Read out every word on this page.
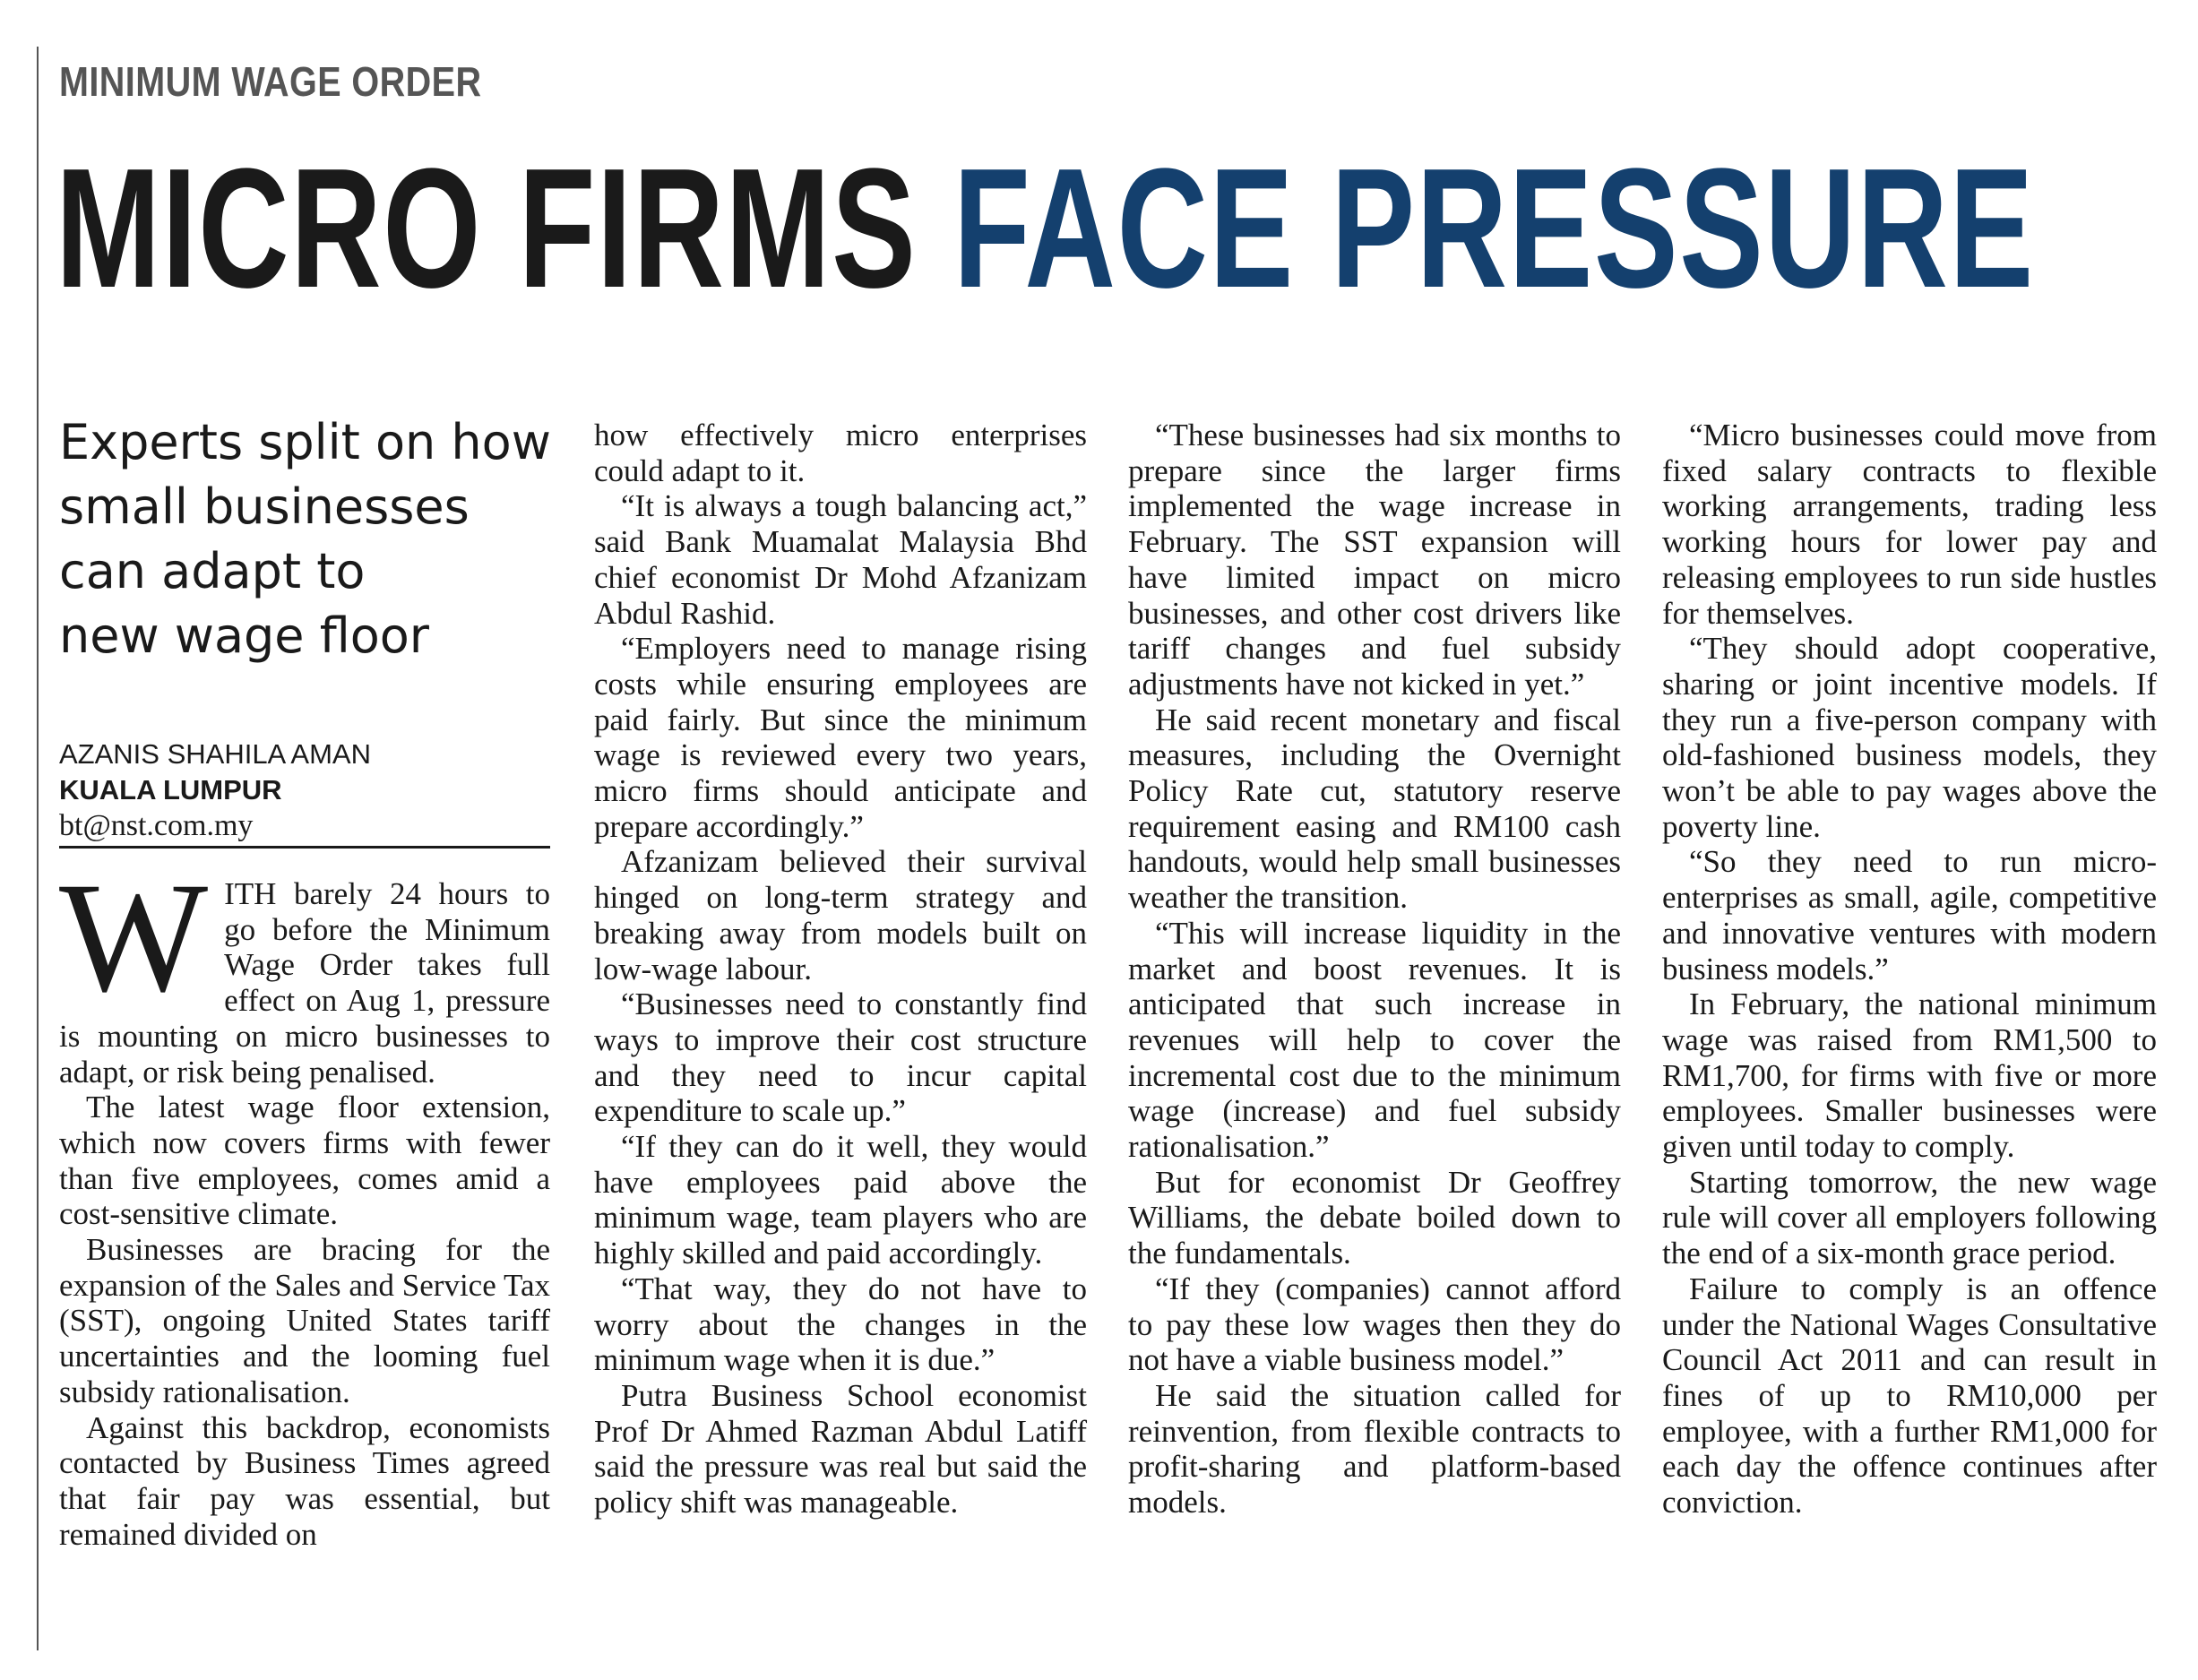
MINIMUM WAGE ORDER
MICRO FIRMS FACE PRESSURE
Experts split on how
small businesses
can adapt to
new wage floor
AZANIS SHAHILA AMAN
KUALA LUMPUR
bt@nst.com.my

WITH barely 24 hours to go before the Minimum Wage Order takes full effect on Aug 1, pressure is mounting on micro businesses to adapt, or risk being penalised.

The latest wage floor extension, which now covers firms with fewer than five employees, comes amid a cost-sensitive climate.

Businesses are bracing for the expansion of the Sales and Service Tax (SST), ongoing United States tariff uncertainties and the looming fuel subsidy rationalisation.

Against this backdrop, economists contacted by Business Times agreed that fair pay was essential, but remained divided on

how effectively micro enterprises could adapt to it.

“It is always a tough balancing act,” said Bank Muamalat Malaysia Bhd chief economist Dr Mohd Afzanizam Abdul Rashid.

“Employers need to manage rising costs while ensuring employees are paid fairly. But since the minimum wage is reviewed every two years, micro firms should anticipate and prepare accordingly.”

Afzanizam believed their survival hinged on long-term strategy and breaking away from models built on low-wage labour.

“Businesses need to constantly find ways to improve their cost structure and they need to incur capital expenditure to scale up.”

“If they can do it well, they would have employees paid above the minimum wage, team players who are highly skilled and paid accordingly.

“That way, they do not have to worry about the changes in the minimum wage when it is due.”

Putra Business School economist Prof Dr Ahmed Razman Abdul Latiff said the pressure was real but said the policy shift was manageable.

“These businesses had six months to prepare since the larger firms implemented the wage increase in February. The SST expansion will have limited impact on micro businesses, and other cost drivers like tariff changes and fuel subsidy adjustments have not kicked in yet.”

He said recent monetary and fiscal measures, including the Overnight Policy Rate cut, statutory reserve requirement easing and RM100 cash handouts, would help small businesses weather the transition.

“This will increase liquidity in the market and boost revenues. It is anticipated that such increase in revenues will help to cover the incremental cost due to the minimum wage (increase) and fuel subsidy rationalisation.”

But for economist Dr Geoffrey Williams, the debate boiled down to the fundamentals.

“If they (companies) cannot afford to pay these low wages then they do not have a viable business model.”

He said the situation called for reinvention, from flexible contracts to profit-sharing and platform-based models.

“Micro businesses could move from fixed salary contracts to flexible working arrangements, trading less working hours for lower pay and releasing employees to run side hustles for themselves.

“They should adopt cooperative, sharing or joint incentive models. If they run a five-person company with old-fashioned business models, they won’t be able to pay wages above the poverty line.

“So they need to run micro-enterprises as small, agile, competitive and innovative ventures with modern business models.”

In February, the national minimum wage was raised from RM1,500 to RM1,700, for firms with five or more employees. Smaller businesses were given until today to comply.

Starting tomorrow, the new wage rule will cover all employers following the end of a six-month grace period.

Failure to comply is an offence under the National Wages Consultative Council Act 2011 and can result in fines of up to RM10,000 per employee, with a further RM1,000 for each day the offence continues after conviction.
